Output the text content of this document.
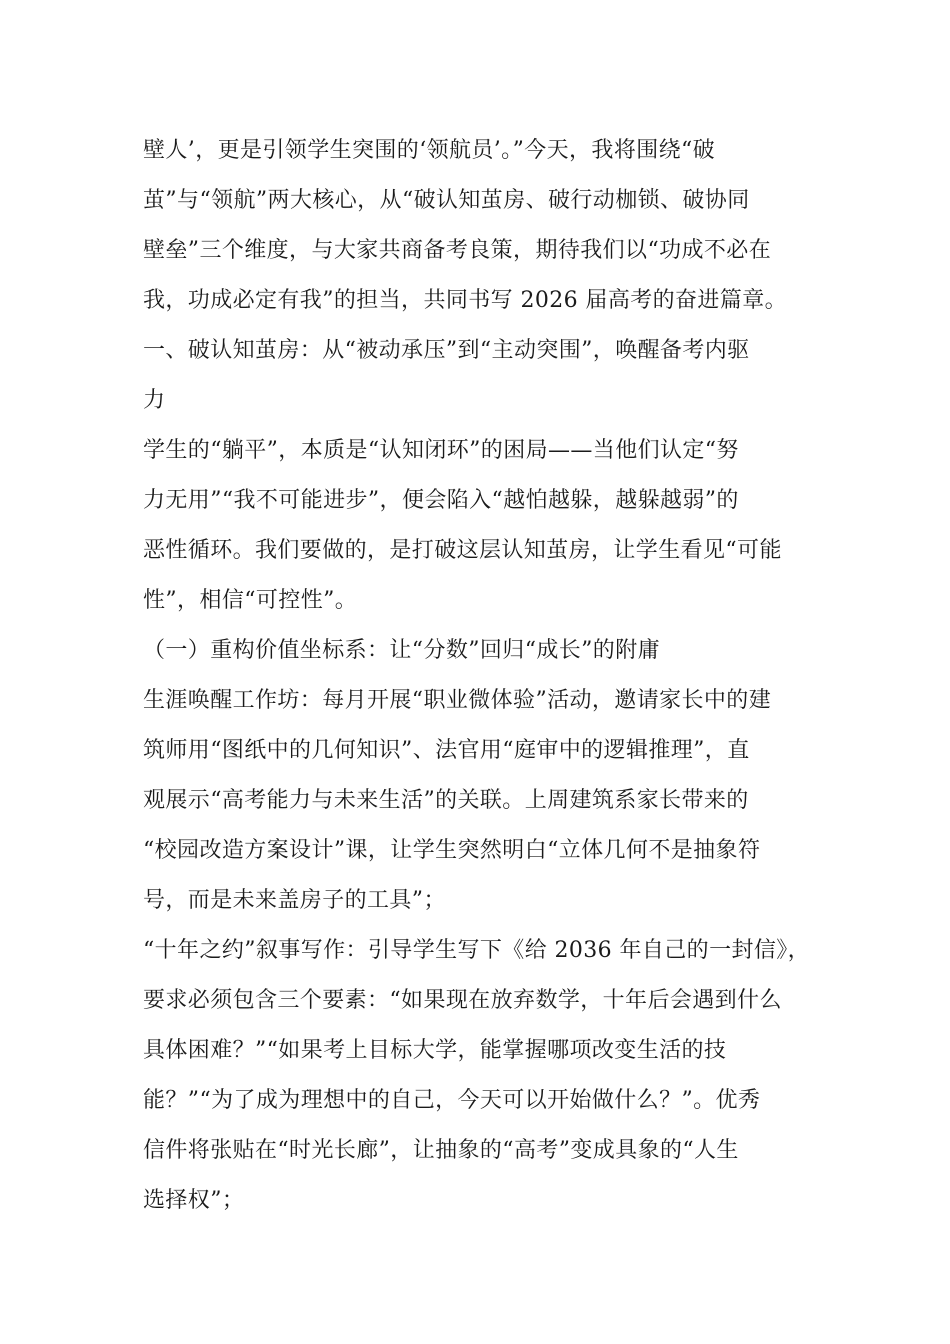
壁人’，更是引领学生突围的‘领航员’。”今天，我将围绕“破
茧”与“领航”两大核心，从“破认知茧房、破行动枷锁、破协同
壁垒”三个维度，与大家共商备考良策，期待我们以“功成不必在
我，功成必定有我”的担当，共同书写 2026 届高考的奋进篇章。
一、破认知茧房：从“被动承压”到“主动突围”，唤醒备考内驱
力
学生的“躺平”，本质是“认知闭环”的困局——当他们认定“努
力无用”“我不可能进步”，便会陷入“越怕越躲，越躲越弱”的
恶性循环。我们要做的，是打破这层认知茧房，让学生看见“可能
性”，相信“可控性”。
（一）重构价值坐标系：让“分数”回归“成长”的附庸
生涯唤醒工作坊：每月开展“职业微体验”活动，邀请家长中的建
筑师用“图纸中的几何知识”、法官用“庭审中的逻辑推理”，直
观展示“高考能力与未来生活”的关联。上周建筑系家长带来的
“校园改造方案设计”课，让学生突然明白“立体几何不是抽象符
号，而是未来盖房子的工具”；
“十年之约”叙事写作：引导学生写下《给 2036 年自己的一封信》，
要求必须包含三个要素：“如果现在放弃数学，十年后会遇到什么
具体困难？”“如果考上目标大学，能掌握哪项改变生活的技
能？”“为了成为理想中的自己，今天可以开始做什么？”。优秀
信件将张贴在“时光长廊”，让抽象的“高考”变成具象的“人生
选择权”；
